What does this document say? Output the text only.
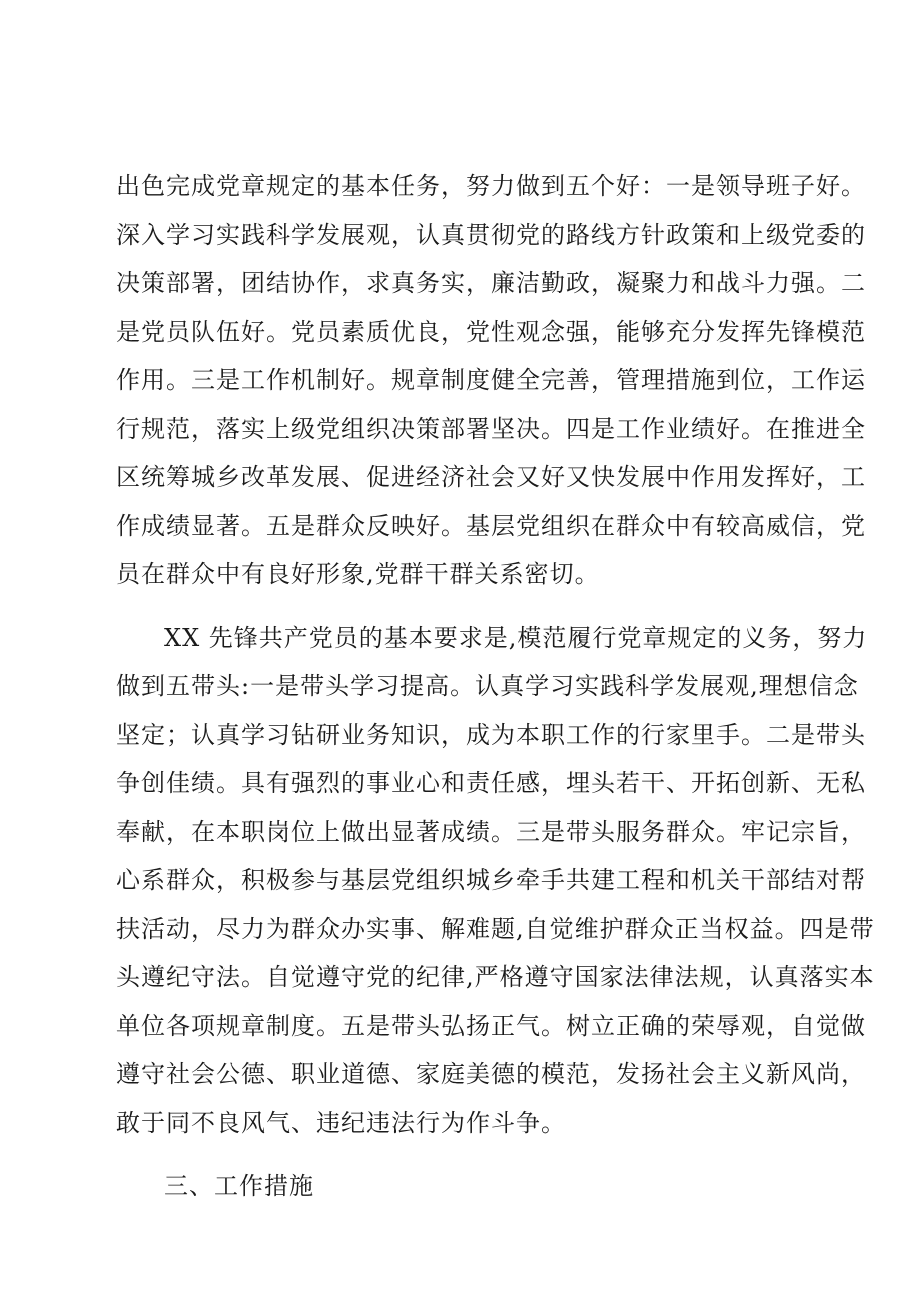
出色完成党章规定的基本任务，努力做到五个好：一是领导班子好。
深入学习实践科学发展观，认真贯彻党的路线方针政策和上级党委的
决策部署，团结协作，求真务实，廉洁勤政，凝聚力和战斗力强。二
是党员队伍好。党员素质优良，党性观念强，能够充分发挥先锋模范
作用。三是工作机制好。规章制度健全完善，管理措施到位，工作运
行规范，落实上级党组织决策部署坚决。四是工作业绩好。在推进全
区统筹城乡改革发展、促进经济社会又好又快发展中作用发挥好，工
作成绩显著。五是群众反映好。基层党组织在群众中有较高威信，党
员在群众中有良好形象,党群干群关系密切。
XX 先锋共产党员的基本要求是,模范履行党章规定的义务，努力
做到五带头:一是带头学习提高。认真学习实践科学发展观,理想信念
坚定；认真学习钻研业务知识，成为本职工作的行家里手。二是带头
争创佳绩。具有强烈的事业心和责任感，埋头若干、开拓创新、无私
奉献，在本职岗位上做出显著成绩。三是带头服务群众。牢记宗旨，
心系群众，积极参与基层党组织城乡牵手共建工程和机关干部结对帮
扶活动，尽力为群众办实事、解难题,自觉维护群众正当权益。四是带
头遵纪守法。自觉遵守党的纪律,严格遵守国家法律法规，认真落实本
单位各项规章制度。五是带头弘扬正气。树立正确的荣辱观，自觉做
遵守社会公德、职业道德、家庭美德的模范，发扬社会主义新风尚，
敢于同不良风气、违纪违法行为作斗争。
三、工作措施
